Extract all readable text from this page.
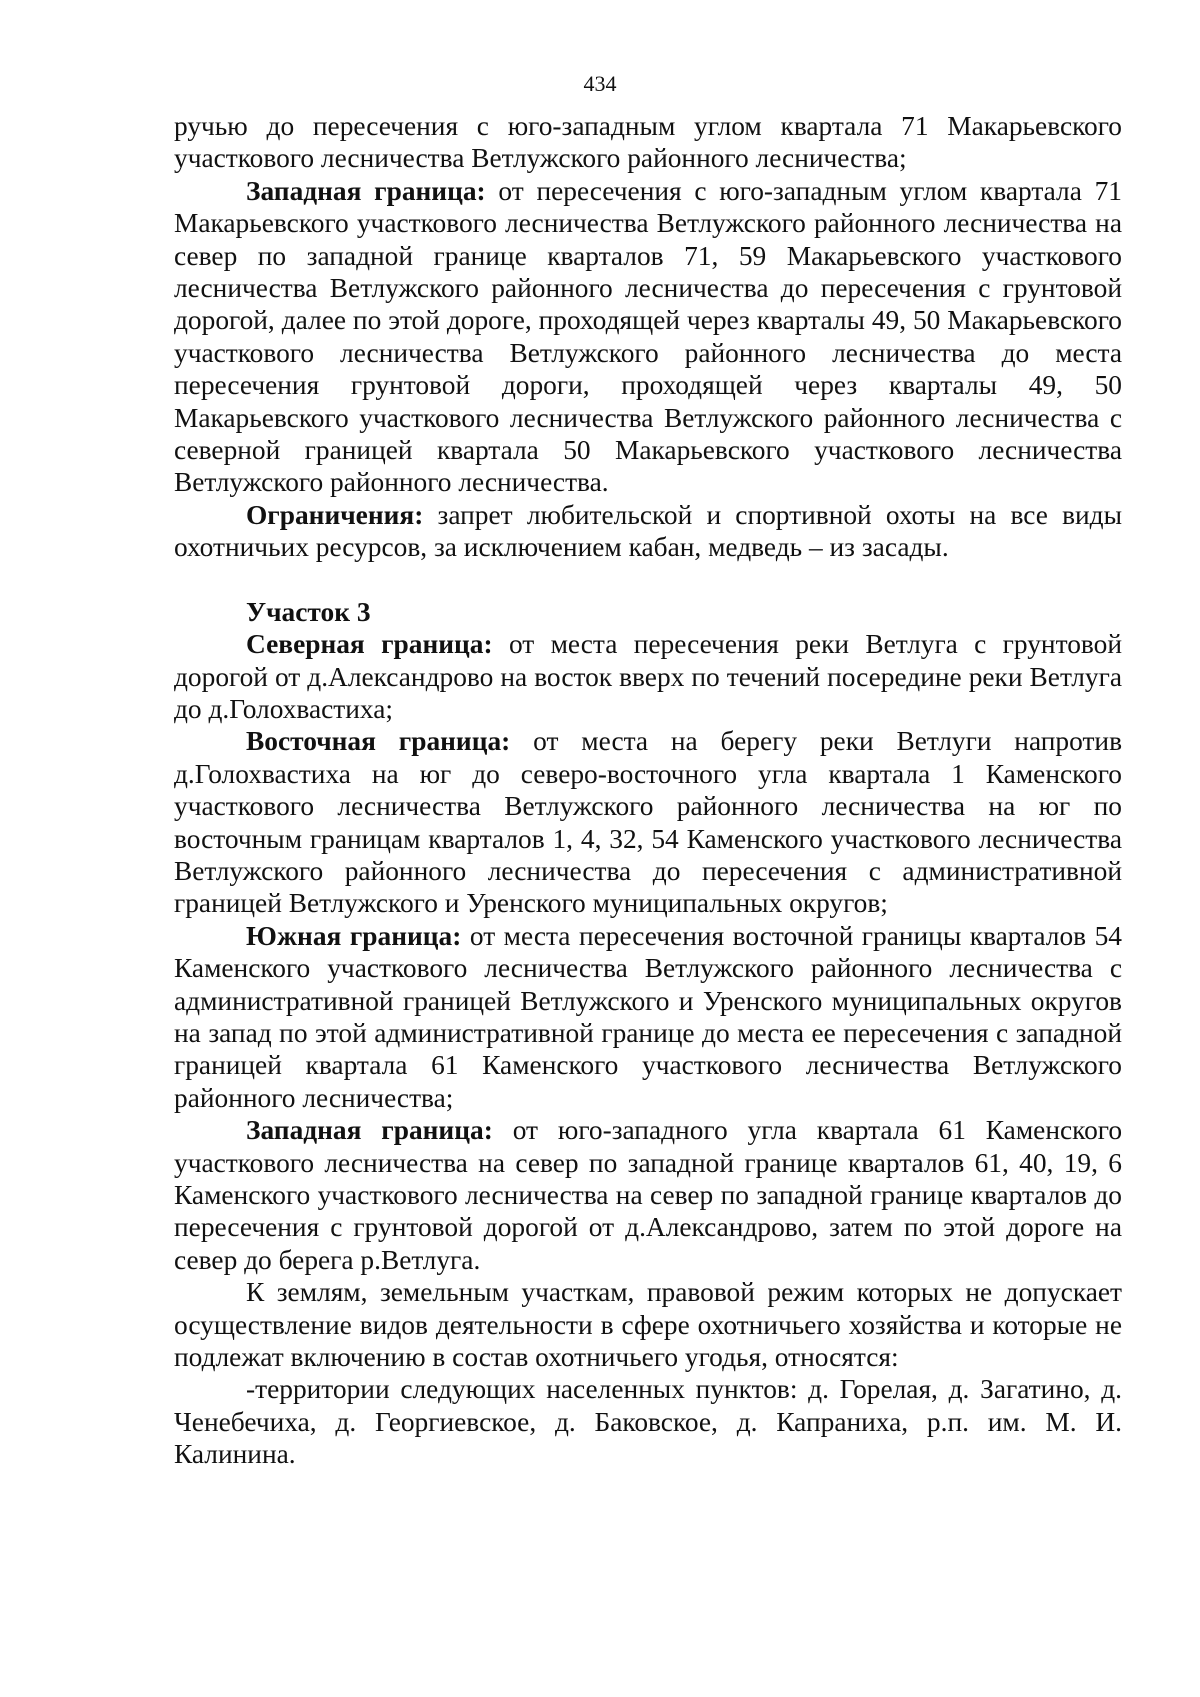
434

ручью до пересечения с юго-западным углом квартала 71 Макарьевского участкового лесничества Ветлужского районного лесничества;

Западная граница: от пересечения с юго-западным углом квартала 71 Макарьевского участкового лесничества Ветлужского районного лесничества на север по западной границе кварталов 71, 59 Макарьевского участкового лесничества Ветлужского районного лесничества до пересечения с грунтовой дорогой, далее по этой дороге, проходящей через кварталы 49, 50 Макарьевского участкового лесничества Ветлужского районного лесничества до места пересечения грунтовой дороги, проходящей через кварталы 49, 50 Макарьевского участкового лесничества Ветлужского районного лесничества с северной границей квартала 50 Макарьевского участкового лесничества Ветлужского районного лесничества.

Ограничения: запрет любительской и спортивной охоты на все виды охотничьих ресурсов, за исключением кабан, медведь – из засады.

Участок 3

Северная граница: от места пересечения реки Ветлуга с грунтовой дорогой от д.Александрово на восток вверх по течений посередине реки Ветлуга до д.Голохвастиха;

Восточная граница: от места на берегу реки Ветлуги напротив д.Голохвастиха на юг до северо-восточного угла квартала 1 Каменского участкового лесничества Ветлужского районного лесничества на юг по восточным границам кварталов 1, 4, 32, 54 Каменского участкового лесничества Ветлужского районного лесничества до пересечения с административной границей Ветлужского и Уренского муниципальных округов;

Южная граница: от места пересечения восточной границы кварталов 54 Каменского участкового лесничества Ветлужского районного лесничества с административной границей Ветлужского и Уренского муниципальных округов на запад по этой административной границе до места ее пересечения с западной границей квартала 61 Каменского участкового лесничества Ветлужского районного лесничества;

Западная граница: от юго-западного угла квартала 61 Каменского участкового лесничества на север по западной границе кварталов 61, 40, 19, 6 Каменского участкового лесничества на север по западной границе кварталов до пересечения с грунтовой дорогой от д.Александрово, затем по этой дороге на север до берега р.Ветлуга.

К землям, земельным участкам, правовой режим которых не допускает осуществление видов деятельности в сфере охотничьего хозяйства и которые не подлежат включению в состав охотничьего угодья, относятся:

-территории следующих населенных пунктов: д. Горелая, д. Загатино, д. Ченебечиха, д. Георгиевское, д. Баковское, д. Капраниха, р.п. им. М. И. Калинина.
